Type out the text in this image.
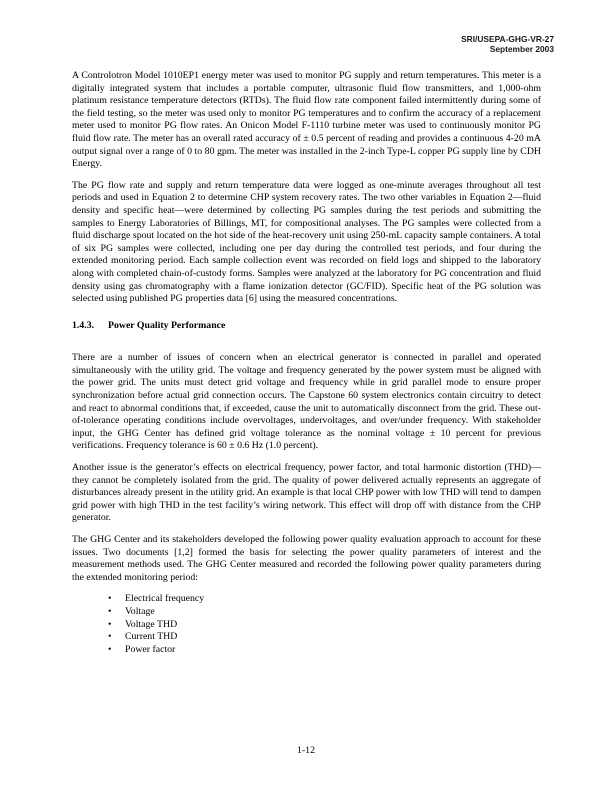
SRI/USEPA-GHG-VR-27
September 2003

A Controlotron Model 1010EP1 energy meter was used to monitor PG supply and return temperatures. This meter is a digitally integrated system that includes a portable computer, ultrasonic fluid flow transmitters, and 1,000-ohm platinum resistance temperature detectors (RTDs). The fluid flow rate component failed intermittently during some of the field testing, so the meter was used only to monitor PG temperatures and to confirm the accuracy of a replacement meter used to monitor PG flow rates. An Onicon Model F-1110 turbine meter was used to continuously monitor PG fluid flow rate. The meter has an overall rated accuracy of ± 0.5 percent of reading and provides a continuous 4-20 mA output signal over a range of 0 to 80 gpm. The meter was installed in the 2-inch Type-L copper PG supply line by CDH Energy.

The PG flow rate and supply and return temperature data were logged as one-minute averages throughout all test periods and used in Equation 2 to determine CHP system recovery rates. The two other variables in Equation 2—fluid density and specific heat—were determined by collecting PG samples during the test periods and submitting the samples to Energy Laboratories of Billings, MT, for compositional analyses. The PG samples were collected from a fluid discharge spout located on the hot side of the heat-recovery unit using 250-mL capacity sample containers. A total of six PG samples were collected, including one per day during the controlled test periods, and four during the extended monitoring period. Each sample collection event was recorded on field logs and shipped to the laboratory along with completed chain-of-custody forms. Samples were analyzed at the laboratory for PG concentration and fluid density using gas chromatography with a flame ionization detector (GC/FID). Specific heat of the PG solution was selected using published PG properties data [6] using the measured concentrations.

1.4.3. Power Quality Performance

There are a number of issues of concern when an electrical generator is connected in parallel and operated simultaneously with the utility grid. The voltage and frequency generated by the power system must be aligned with the power grid. The units must detect grid voltage and frequency while in grid parallel mode to ensure proper synchronization before actual grid connection occurs. The Capstone 60 system electronics contain circuitry to detect and react to abnormal conditions that, if exceeded, cause the unit to automatically disconnect from the grid. These out-of-tolerance operating conditions include overvoltages, undervoltages, and over/under frequency. With stakeholder input, the GHG Center has defined grid voltage tolerance as the nominal voltage ± 10 percent for previous verifications. Frequency tolerance is 60 ± 0.6 Hz (1.0 percent).

Another issue is the generator’s effects on electrical frequency, power factor, and total harmonic distortion (THD)—they cannot be completely isolated from the grid. The quality of power delivered actually represents an aggregate of disturbances already present in the utility grid. An example is that local CHP power with low THD will tend to dampen grid power with high THD in the test facility’s wiring network. This effect will drop off with distance from the CHP generator.

The GHG Center and its stakeholders developed the following power quality evaluation approach to account for these issues. Two documents [1,2] formed the basis for selecting the power quality parameters of interest and the measurement methods used. The GHG Center measured and recorded the following power quality parameters during the extended monitoring period:

• Electrical frequency
• Voltage
• Voltage THD
• Current THD
• Power factor
1-12
